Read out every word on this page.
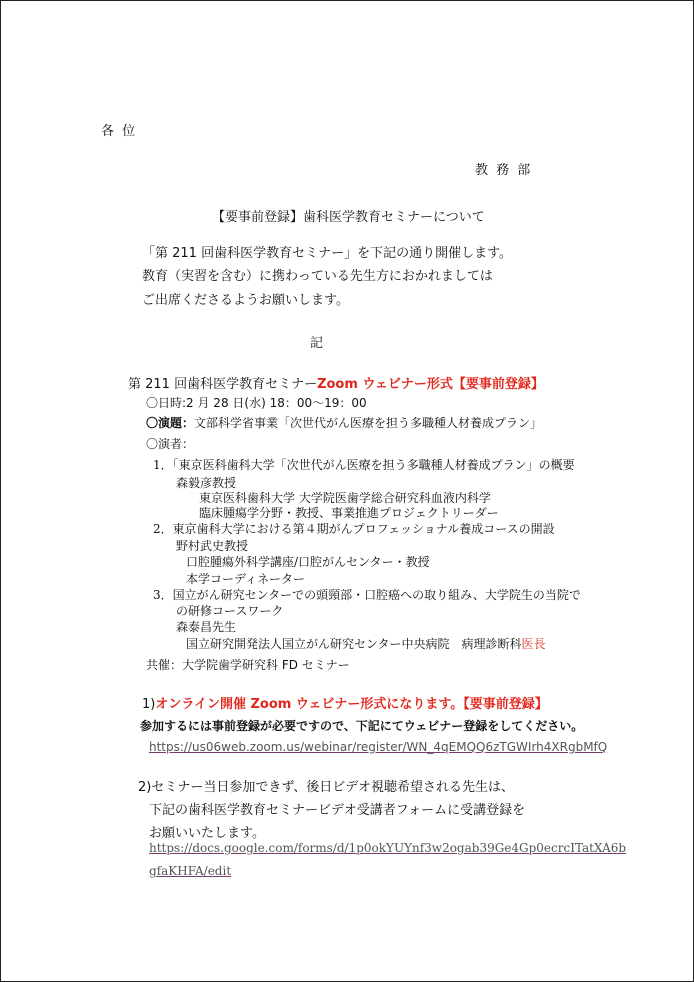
各 位
教 務 部
【要事前登録】歯科医学教育セミナーについて
「第 211 回歯科医学教育セミナー」を下記の通り開催します。
教育（実習を含む）に携わっている先生方におかれましては
ご出席くださるようお願いします。
記
第 211 回歯科医学教育セミナーZoom ウェビナー形式【要事前登録】
〇日時:2 月 28 日(水) 18：00～19：00
〇演題：文部科学省事業「次世代がん医療を担う多職種人材養成プラン」
〇演者：
1．「東京医科歯科大学「次世代がん医療を担う多職種人材養成プラン」の概要
森毅彦教授
東京医科歯科大学 大学院医歯学総合研究科血液内科学
臨床腫瘍学分野・教授、事業推進プロジェクトリーダー
2．東京歯科大学における第４期がんプロフェッショナル養成コースの開設
野村武史教授
口腔腫瘍外科学講座/口腔がんセンター・教授
本学コーディネーター
3．国立がん研究センターでの頭頸部・口腔癌への取り組み、大学院生の当院で
の研修コースワーク
森泰昌先生
国立研究開発法人国立がん研究センター中央病院　病理診断科医長
共催：大学院歯学研究科 FD セミナー
1)オンライン開催 Zoom ウェビナー形式になります。【要事前登録】
参加するには事前登録が必要ですので、下記にてウェビナー登録をしてください。
https://us06web.zoom.us/webinar/register/WN_4qEMQQ6zTGWIrh4XRgbMfQ
2)セミナー当日参加できず、後日ビデオ視聴希望される先生は、
下記の歯科医学教育セミナービデオ受講者フォームに受講登録を
お願いいたします。
https://docs.google.com/forms/d/1p0okYUYnf3w2ogab39Ge4Gp0ecrcITatXA6b
gfaKHFA/edit
